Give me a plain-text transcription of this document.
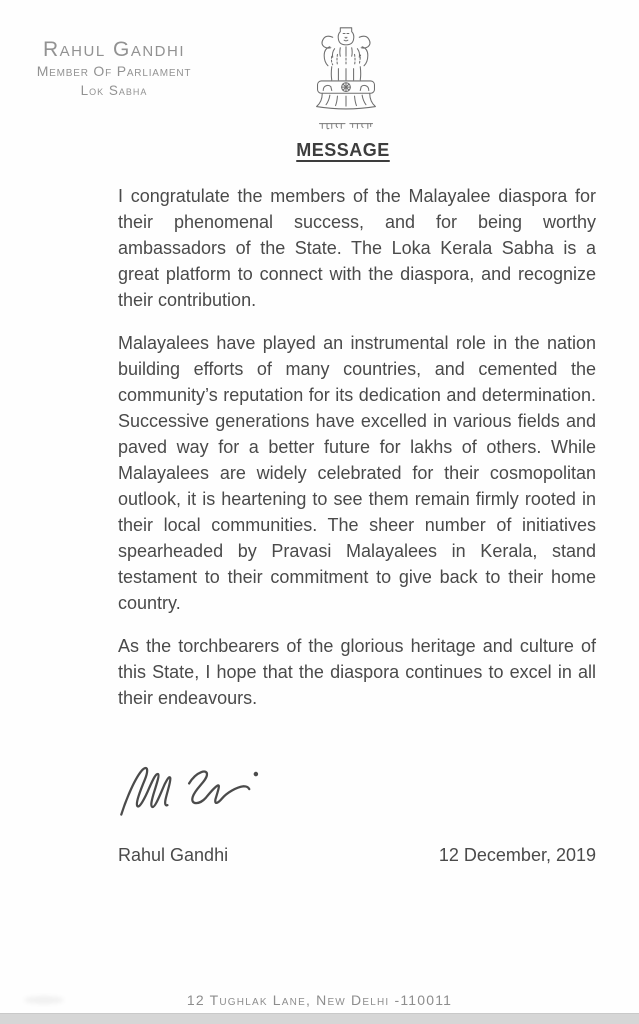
Rahul Gandhi
Member Of Parliament
Lok Sabha
MESSAGE

I congratulate the members of the Malayalee diaspora for their phenomenal success, and for being worthy ambassadors of the State. The Loka Kerala Sabha is a great platform to connect with the diaspora, and recognize their contribution.

Malayalees have played an instrumental role in the nation building efforts of many countries, and cemented the community’s reputation for its dedication and determination. Successive generations have excelled in various fields and paved way for a better future for lakhs of others. While Malayalees are widely celebrated for their cosmopolitan outlook, it is heartening to see them remain firmly rooted in their local communities. The sheer number of initiatives spearheaded by Pravasi Malayalees in Kerala, stand testament to their commitment to give back to their home country.

As the torchbearers of the glorious heritage and culture of this State, I hope that the diaspora continues to excel in all their endeavours.

Rahul Gandhi	12 December, 2019
12 Tughlak Lane, New Delhi -110011
